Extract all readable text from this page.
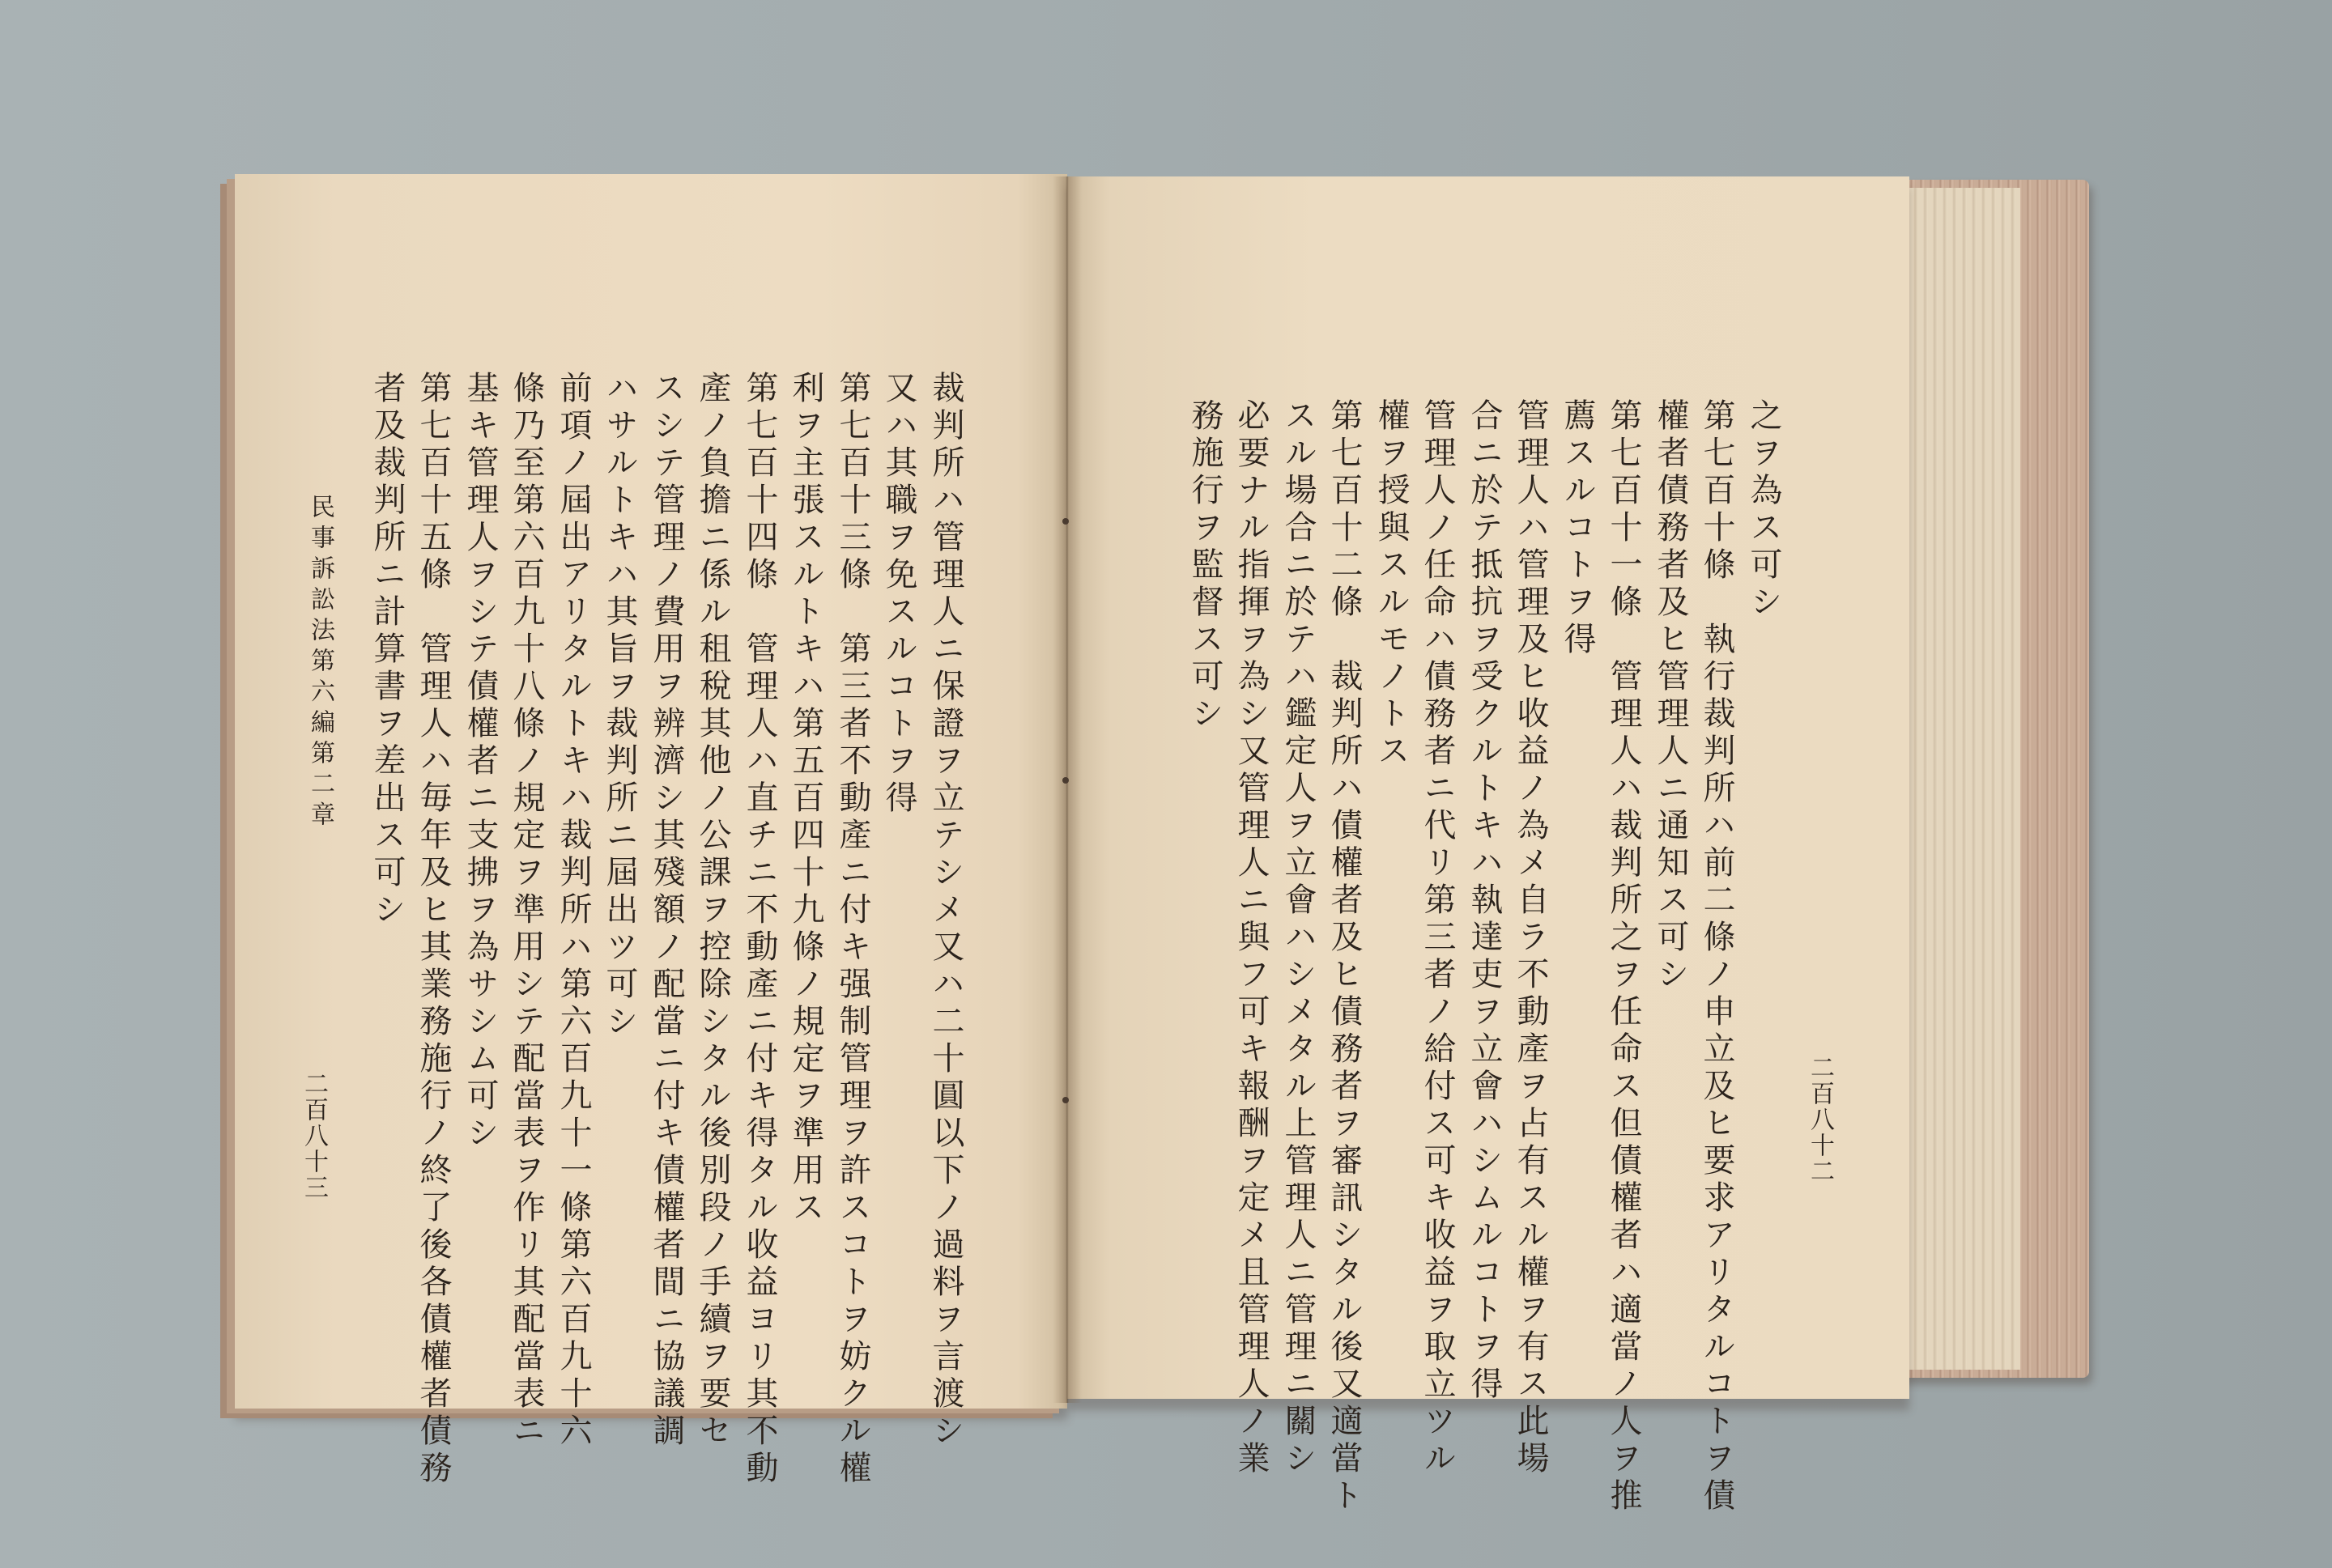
二百八十二
之ヲ為ス可シ
第七百十條　執行裁判所ハ前二條ノ申立及ヒ要求アリタルコトヲ債
權者債務者及ヒ管理人ニ通知ス可シ
第七百十一條　管理人ハ裁判所之ヲ任命ス但債權者ハ適當ノ人ヲ推
薦スルコトヲ得
管理人ハ管理及ヒ收益ノ為メ自ラ不動產ヲ占有スル權ヲ有ス此場
合ニ於テ抵抗ヲ受クルトキハ執達吏ヲ立會ハシムルコトヲ得
管理人ノ任命ハ債務者ニ代リ第三者ノ給付ス可キ收益ヲ取立ツル
權ヲ授與スルモノトス
第七百十二條　裁判所ハ債權者及ヒ債務者ヲ審訊シタル後又適當ト
スル場合ニ於テハ鑑定人ヲ立會ハシメタル上管理人ニ管理ニ關シ
必要ナル指揮ヲ為シ又管理人ニ與フ可キ報酬ヲ定メ且管理人ノ業
務施行ヲ監督ス可シ
裁判所ハ管理人ニ保證ヲ立テシメ又ハ二十圓以下ノ過料ヲ言渡シ
又ハ其職ヲ免スルコトヲ得
第七百十三條　第三者不動產ニ付キ强制管理ヲ許スコトヲ妨クル權
利ヲ主張スルトキハ第五百四十九條ノ規定ヲ準用ス
第七百十四條　管理人ハ直チニ不動產ニ付キ得タル收益ヨリ其不動
產ノ負擔ニ係ル租稅其他ノ公課ヲ控除シタル後別段ノ手續ヲ要セ
スシテ管理ノ費用ヲ辨濟シ其殘額ノ配當ニ付キ債權者間ニ協議調
ハサルトキハ其旨ヲ裁判所ニ屆出ツ可シ
前項ノ屆出アリタルトキハ裁判所ハ第六百九十一條第六百九十六
條乃至第六百九十八條ノ規定ヲ準用シテ配當表ヲ作リ其配當表ニ
基キ管理人ヲシテ債權者ニ支拂ヲ為サシム可シ
第七百十五條　管理人ハ毎年及ヒ其業務施行ノ終了後各債權者債務
者及裁判所ニ計算書ヲ差出ス可シ
民事訴訟法第六編第二章
二百八十三
